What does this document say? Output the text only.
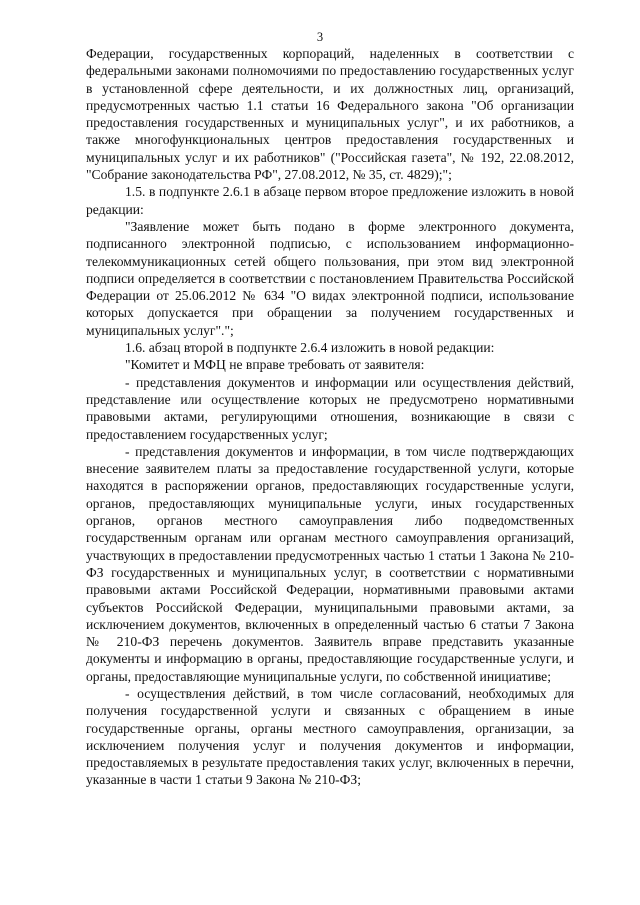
3

Федерации, государственных корпораций, наделенных в соответствии с федеральными законами полномочиями по предоставлению государственных услуг в установленной сфере деятельности, и их должностных лиц, организаций, предусмотренных частью 1.1 статьи 16 Федерального закона "Об организации предоставления государственных и муниципальных услуг", и их работников, а также многофункциональных центров предоставления государственных и муниципальных услуг и их работников" ("Российская газета", № 192, 22.08.2012, "Собрание законодательства РФ", 27.08.2012, № 35, ст. 4829);";

1.5. в подпункте 2.6.1 в абзаце первом второе предложение изложить в новой редакции:

"Заявление может быть подано в форме электронного документа, подписанного электронной подписью, с использованием информационно-телекоммуникационных сетей общего пользования, при этом вид электронной подписи определяется в соответствии с постановлением Правительства Российской Федерации от 25.06.2012 № 634 "О видах электронной подписи, использование которых допускается при обращении за получением государственных и муниципальных услуг".";

1.6. абзац второй в подпункте 2.6.4 изложить в новой редакции:

"Комитет и МФЦ не вправе требовать от заявителя:

- представления документов и информации или осуществления действий, представление или осуществление которых не предусмотрено нормативными правовыми актами, регулирующими отношения, возникающие в связи с предоставлением государственных услуг;

- представления документов и информации, в том числе подтверждающих внесение заявителем платы за предоставление государственной услуги, которые находятся в распоряжении органов, предоставляющих государственные услуги, органов, предоставляющих муниципальные услуги, иных государственных органов, органов местного самоуправления либо подведомственных государственным органам или органам местного самоуправления организаций, участвующих в предоставлении предусмотренных частью 1 статьи 1 Закона № 210-ФЗ государственных и муниципальных услуг, в соответствии с нормативными правовыми актами Российской Федерации, нормативными правовыми актами субъектов Российской Федерации, муниципальными правовыми актами, за исключением документов, включенных в определенный частью 6 статьи 7 Закона № 210-ФЗ перечень документов. Заявитель вправе представить указанные документы и информацию в органы, предоставляющие государственные услуги, и органы, предоставляющие муниципальные услуги, по собственной инициативе;

- осуществления действий, в том числе согласований, необходимых для получения государственной услуги и связанных с обращением в иные государственные органы, органы местного самоуправления, организации, за исключением получения услуг и получения документов и информации, предоставляемых в результате предоставления таких услуг, включенных в перечни, указанные в части 1 статьи 9 Закона № 210-ФЗ;
